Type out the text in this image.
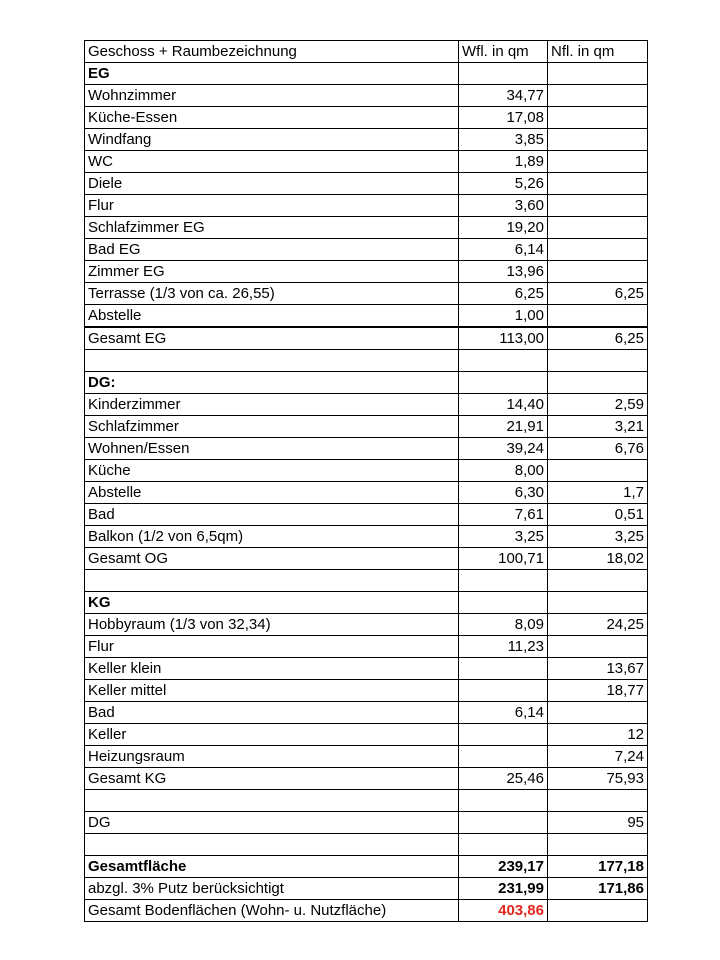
Geschoss + Raumbezeichnung	Wfl. in qm	Nfl. in qm
EG		
Wohnzimmer	34,77	
Küche-Essen	17,08	
Windfang	3,85	
WC	1,89	
Diele	5,26	
Flur	3,60	
Schlafzimmer EG	19,20	
Bad EG	6,14	
Zimmer EG	13,96	
Terrasse (1/3 von ca. 26,55)	6,25	6,25
Abstelle	1,00	
Gesamt EG	113,00	6,25

DG:		
Kinderzimmer	14,40	2,59
Schlafzimmer	21,91	3,21
Wohnen/Essen	39,24	6,76
Küche	8,00	
Abstelle	6,30	1,7
Bad	7,61	0,51
Balkon (1/2 von 6,5qm)	3,25	3,25
Gesamt OG	100,71	18,02

KG		
Hobbyraum (1/3 von 32,34)	8,09	24,25
Flur	11,23	
Keller klein		13,67
Keller mittel		18,77
Bad	6,14	
Keller		12
Heizungsraum		7,24
Gesamt KG	25,46	75,93

DG		95

Gesamtfläche	239,17	177,18
abzgl. 3% Putz berücksichtigt	231,99	171,86
Gesamt Bodenflächen (Wohn- u. Nutzfläche)	403,86	
